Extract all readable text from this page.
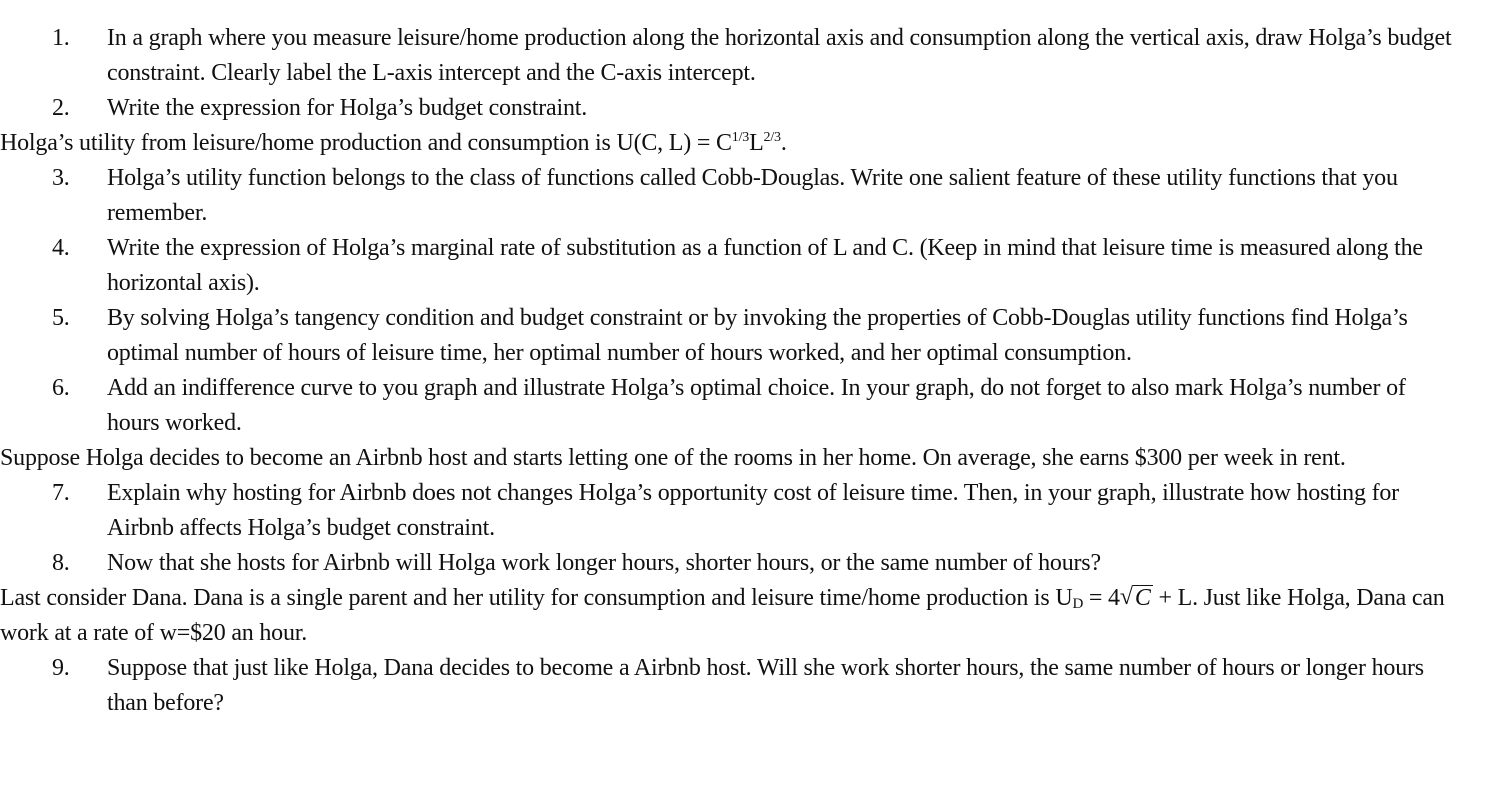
1. In a graph where you measure leisure/home production along the horizontal axis and consumption along the vertical axis, draw Holga’s budget constraint. Clearly label the L-axis intercept and the C-axis intercept.
2. Write the expression for Holga’s budget constraint.
Holga’s utility from leisure/home production and consumption is U(C, $L) = C^{1/3}L^{2/3}$.
3. Holga’s utility function belongs to the class of functions called Cobb-Douglas. Write one salient feature of these utility functions that you remember.
4. Write the expression of Holga’s marginal rate of substitution as a function of L and C. (Keep in mind that leisure time is measured along the horizontal axis).
5. By solving Holga’s tangency condition and budget constraint or by invoking the properties of Cobb-Douglas utility functions find Holga’s optimal number of hours of leisure time, her optimal number of hours worked, and her optimal consumption.
6. Add an indifference curve to you graph and illustrate Holga’s optimal choice. In your graph, do not forget to also mark Holga’s number of hours worked.
Suppose Holga decides to become an Airbnb host and starts letting one of the rooms in her home. On average, she earns $300 per week in rent.
7. Explain why hosting for Airbnb does not changes Holga’s opportunity cost of leisure time. Then, in your graph, illustrate how hosting for Airbnb affects Holga’s budget constraint.
8. Now that she hosts for Airbnb will Holga work longer hours, shorter hours, or the same number of hours?
Last consider Dana. Dana is a single parent and her utility for consumption and leisure time/home production is $U_D = 4$ √ C + L. Just like Holga, Dana can work at a rate of w=$20 an hour.
9. Suppose that just like Holga, Dana decides to become a Airbnb host. Will she work shorter hours, the same number of hours or longer hours than before?
